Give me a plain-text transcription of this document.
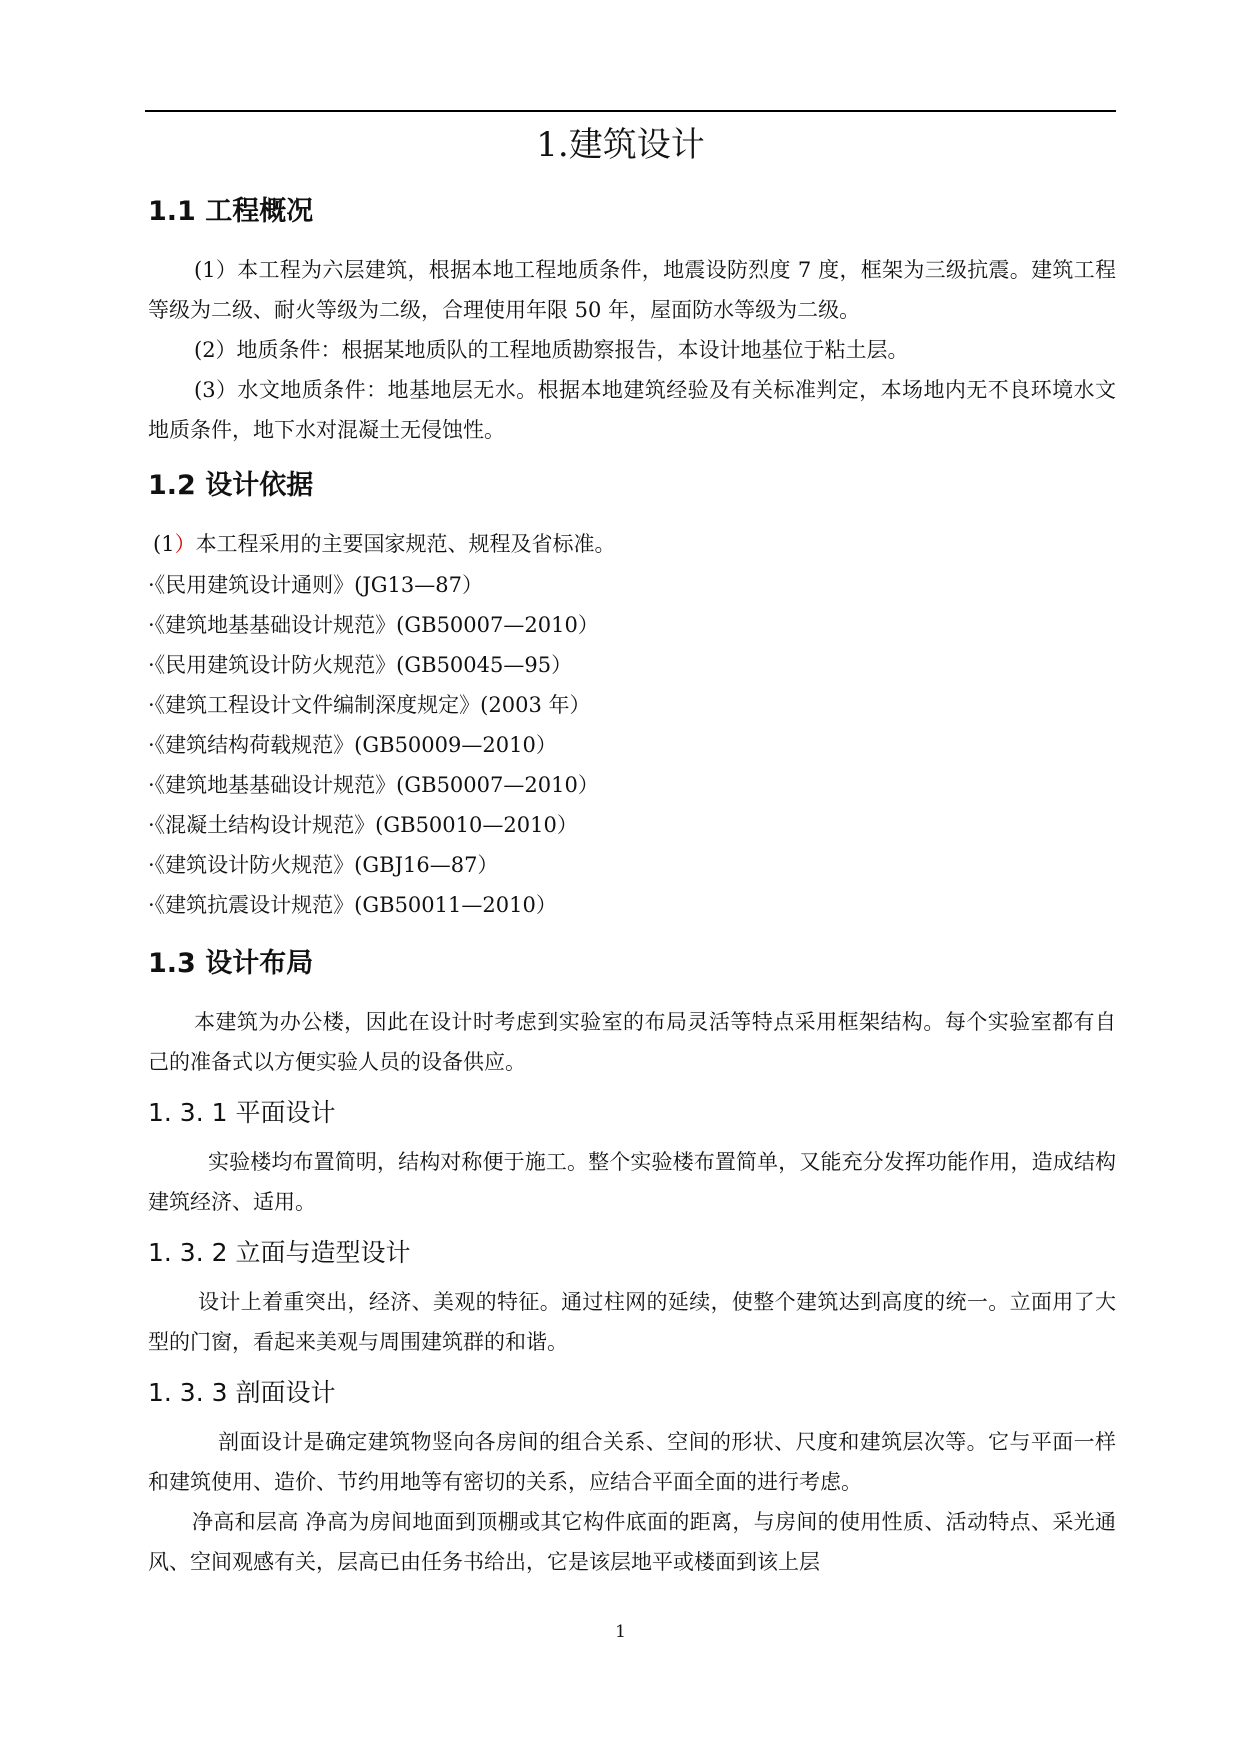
1.建筑设计
1.1 工程概况

(1）本工程为六层建筑，根据本地工程地质条件，地震设防烈度 7 度，框架为三级抗震。建筑工程等级为二级、耐火等级为二级，合理使用年限 50 年，屋面防水等级为二级。

(2）地质条件：根据某地质队的工程地质勘察报告，本设计地基位于粘土层。

(3）水文地质条件：地基地层无水。根据本地建筑经验及有关标准判定，本场地内无不良环境水文地质条件，地下水对混凝土无侵蚀性。

1.2 设计依据
(1）本工程采用的主要国家规范、规程及省标准。
·《民用建筑设计通则》(JG13—87）
·《建筑地基基础设计规范》(GB50007—2010）
·《民用建筑设计防火规范》(GB50045—95）
·《建筑工程设计文件编制深度规定》(2003 年）
·《建筑结构荷载规范》(GB50009—2010）
·《建筑地基基础设计规范》(GB50007—2010）
·《混凝土结构设计规范》(GB50010—2010）
·《建筑设计防火规范》(GBJ16—87）
·《建筑抗震设计规范》(GB50011—2010）
1.3 设计布局

本建筑为办公楼，因此在设计时考虑到实验室的布局灵活等特点采用框架结构。每个实验室都有自己的准备式以方便实验人员的设备供应。

1. 3. 1 平面设计

实验楼均布置简明，结构对称便于施工。整个实验楼布置简单，又能充分发挥功能作用，造成结构建筑经济、适用。

1. 3. 2 立面与造型设计

设计上着重突出，经济、美观的特征。通过柱网的延续，使整个建筑达到高度的统一。立面用了大型的门窗，看起来美观与周围建筑群的和谐。

1. 3. 3 剖面设计

剖面设计是确定建筑物竖向各房间的组合关系、空间的形状、尺度和建筑层次等。它与平面一样和建筑使用、造价、节约用地等有密切的关系，应结合平面全面的进行考虑。

净高和层高 净高为房间地面到顶棚或其它构件底面的距离，与房间的使用性质、活动特点、采光通风、空间观感有关，层高已由任务书给出，它是该层地平或楼面到该上层

1
